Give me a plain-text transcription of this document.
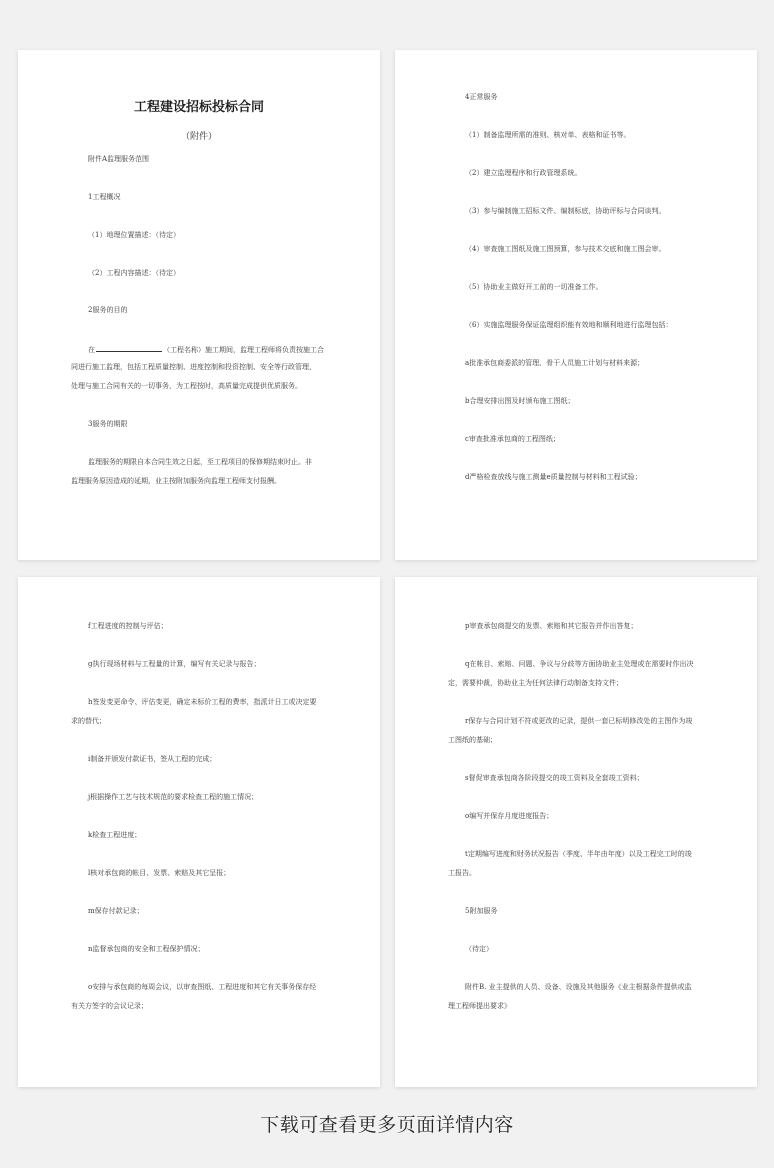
工程建设招标投标合同
（附件）
附件A监理服务范围
1工程概况
（1）地理位置描述：（待定）
（2）工程内容描述：（待定）
2服务的目的
在	（工程名称）施工期间，监理工程师将负责按施工合
同进行施工监理，包括工程质量控制、进度控制和投资控制、安全等行政管理，
处理与施工合同有关的一切事务，为工程按时，高质量完成提供优质服务。
3服务的期限
监理服务的期限自本合同生效之日起，至工程项目的保修期结束时止。非
监理服务原因造成的延期，业主按附加服务向监理工程师支付报酬。
4正常服务
（1）制备监理所需的准则、核对单、表格和证书等。
（2）建立监理程序和行政管理系统。
（3）参与编制施工招标文件、编制标底，协助评标与合同谈判。
（4）审查施工图纸及施工图预算，参与技术交底和施工图会审。
（5）协助业主做好开工前的一切准备工作。
（6）实施监理服务保证监理组织能有效地和顺利地进行监理包括：
a批准承包商委派的管理、骨干人员施工计划与材料来源；
b合理安排出图及时颁布施工图纸；
c审查批准承包商的工程图纸；
d严格检查放线与施工测量e质量控制与材料和工程试验；
f工程进度的控制与评估；
g执行现场材料与工程量的计算，编写有关记录与报告；
h签发变更命令、评估变更，确定未标价工程的费率，指派计日工或决定要
求的替代；
i制备并颁发付款证书，签从工程的完成；
j根据操作工艺与技术规范的要求检查工程的施工情况；
k检查工程进度；
l核对承包商的帐目、发票、索赔及其它呈报；
m保存付款记录；
n监督承包商的安全和工程保护情况；
o安排与承包商的每周会议，以审查图纸、工程进度和其它有关事务保存经
有关方签字的会议记录；
p审查承包商提交的发票、索赔和其它报告并作出答复；
q在帐目、索赔、问题、争议与分歧等方面协助业主处理或在需要时作出决
定，需要仲裁，协助业主为任何法律行动制备支持文件；
r保存与合同计划不符或更改的记录，提供一套已标明修改处的主图作为竣
工图纸的基础；
s督促审查承包商各阶段提交的竣工资料及全套竣工资料；
o编写并保存月度进度报告；
t定期编写进度和财务状况报告（季度、半年由年度）以及工程完工时的竣
工报告。
5附加服务
（待定）
附件B. 业主提供的人员、设备、设施及其他服务《业主根据条件提供或监
理工程师提出要求》
下载可查看更多页面详情内容
